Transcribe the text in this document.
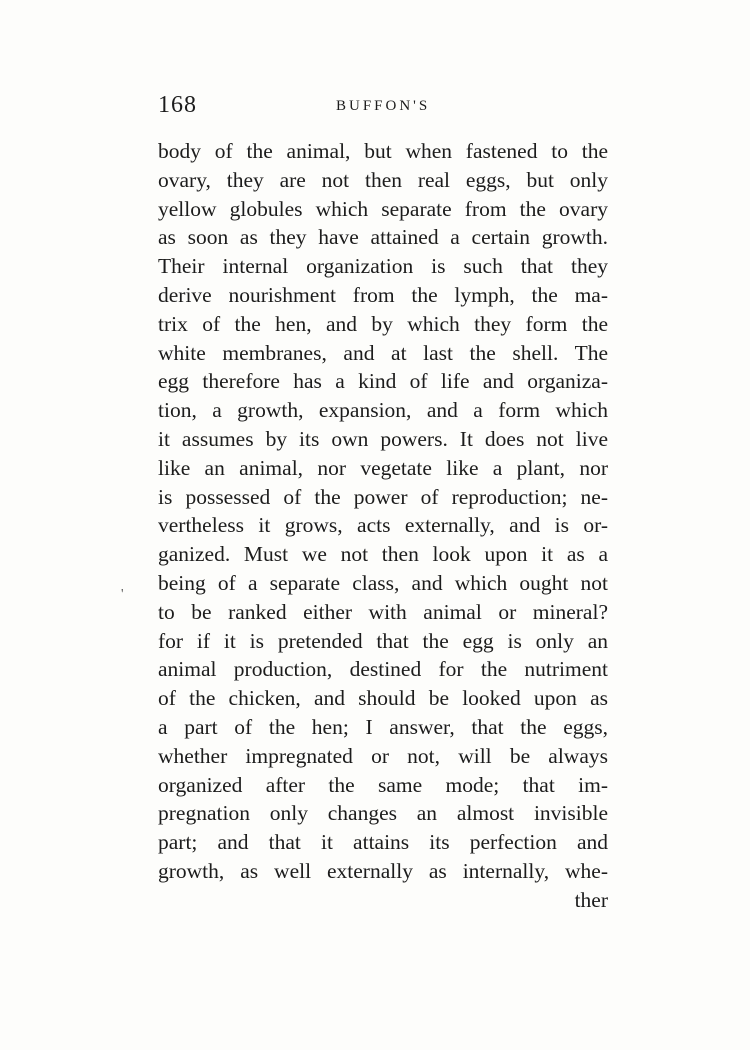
168	BUFFON'S
body of the animal, but when fastened to the
ovary, they are not then real eggs, but only
yellow globules which separate from the ovary
as soon as they have attained a certain growth.
Their internal organization is such that they
derive nourishment from the lymph, the ma-
trix of the hen, and by which they form the
white membranes, and at last the shell. The
egg therefore has a kind of life and organiza-
tion, a growth, expansion, and a form which
it assumes by its own powers. It does not live
like an animal, nor vegetate like a plant, nor
is possessed of the power of reproduction; ne-
vertheless it grows, acts externally, and is or-
ganized. Must we not then look upon it as a
being of a separate class, and which ought not
to be ranked either with animal or mineral?
for if it is pretended that the egg is only an
animal production, destined for the nutriment
of the chicken, and should be looked upon as
a part of the hen; I answer, that the eggs,
whether impregnated or not, will be always
organized after the same mode; that im-
pregnation only changes an almost invisible
part; and that it attains its perfection and
growth, as well externally as internally, whe-
ther
'
